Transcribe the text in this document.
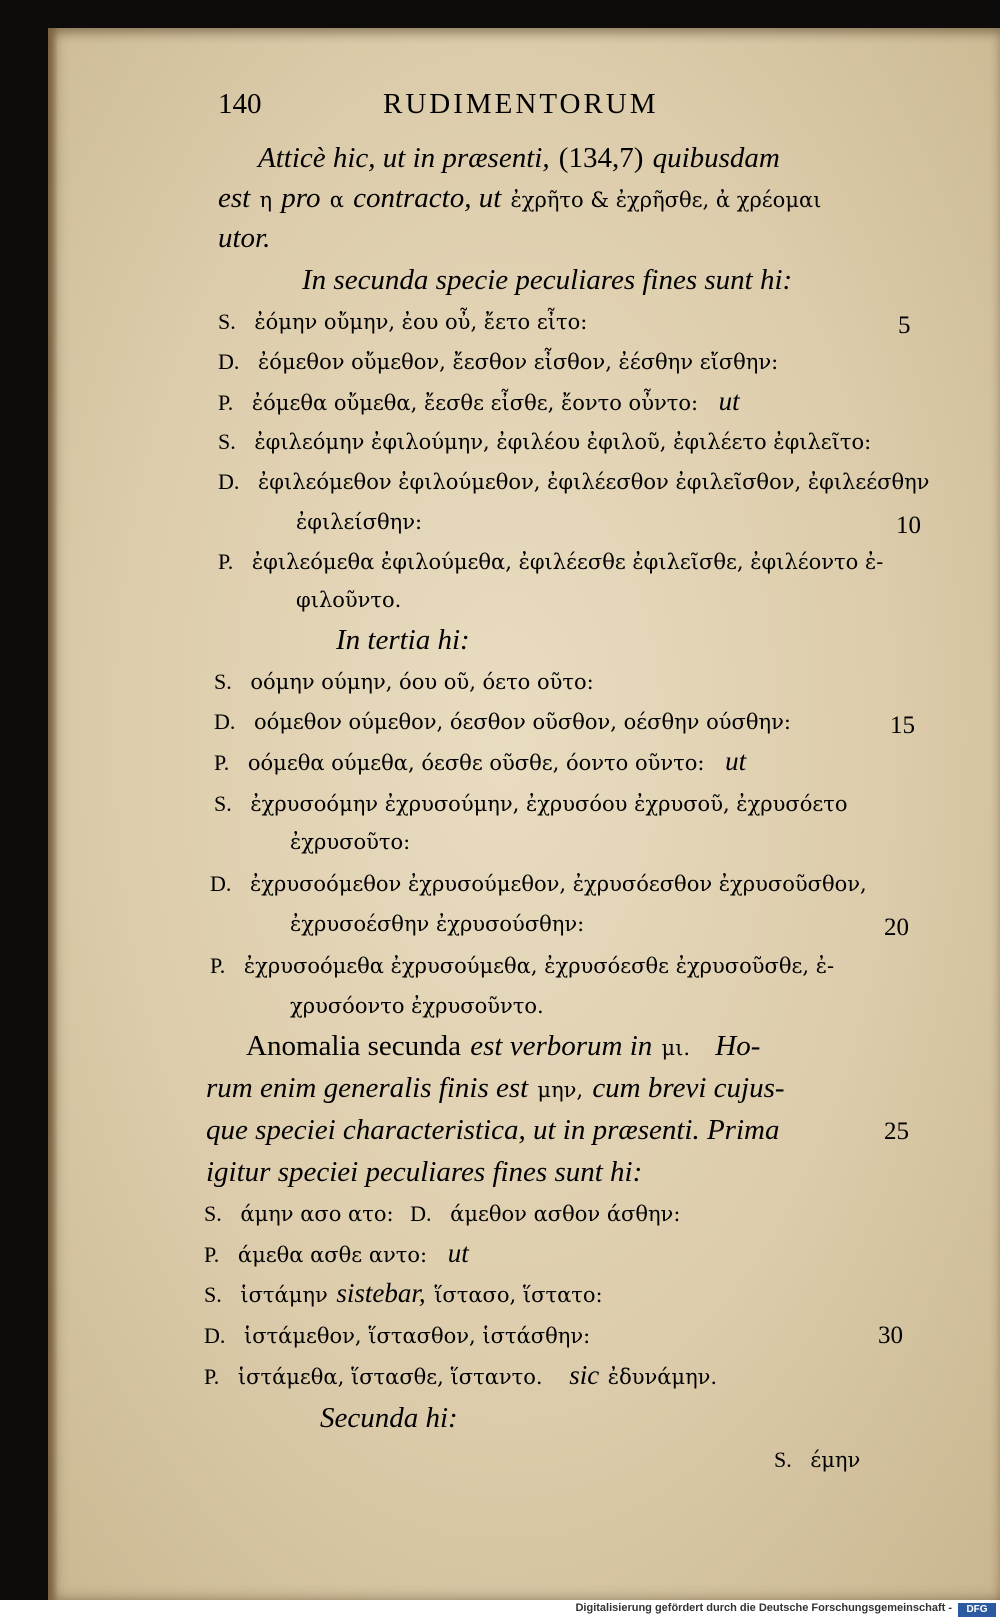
140	RUDIMENTORUM
Atticè hic, ut in præsenti, (134,7) quibusdam
est η pro α contracto, ut ἐχρῆτο & ἐχρῆσθε, ἀ χρέομαι
utor.
In secunda specie peculiares fines sunt hi:
S. ἐόμην οὔμην, ἐου οὖ, ἔετο εἶτο:
D. ἐόμεθον οὔμεθον, ἔεσθον εἶσθον, ἐέσθην εἴσθην:
P. ἐόμεθα οὔμεθα, ἔεσθε εἶσθε, ἔοντο οὖντο: ut
S. ἐφιλεόμην ἐφιλούμην, ἐφιλέου ἐφιλοῦ, ἐφιλέετο ἐφιλεῖτο:
D. ἐφιλεόμεθον ἐφιλούμεθον, ἐφιλέεσθον ἐφιλεῖσθον, ἐφιλεέσθην
ἐφιλείσθην:
P. ἐφιλεόμεθα ἐφιλούμεθα, ἐφιλέεσθε ἐφιλεῖσθε, ἐφιλέοντο ἐ-
φιλοῦντο.
In tertia hi:
S. οόμην ούμην, όου οῦ, όετο οῦτο:
D. οόμεθον ούμεθον, όεσθον οῦσθον, οέσθην ούσθην:
P. οόμεθα ούμεθα, όεσθε οῦσθε, όοντο οῦντο: ut
S. ἐχρυσοόμην ἐχρυσούμην, ἐχρυσόου ἐχρυσοῦ, ἐχρυσόετο
ἐχρυσοῦτο:
D. ἐχρυσοόμεθον ἐχρυσούμεθον, ἐχρυσόεσθον ἐχρυσοῦσθον,
ἐχρυσοέσθην ἐχρυσούσθην:
P. ἐχρυσοόμεθα ἐχρυσούμεθα, ἐχρυσόεσθε ἐχρυσοῦσθε, ἐ-
χρυσόοντο ἐχρυσοῦντο.
Anomalia secunda est verborum in μι. Ho-
rum enim generalis finis est μην, cum brevi cujus-
que speciei characteristica, ut in præsenti. Prima
igitur speciei peculiares fines sunt hi:
S. άμην ασο ατο: D. άμεθον ασθον άσθην:
P. άμεθα ασθε αντο: ut
S. ἱστάμην sistebar, ἵστασο, ἵστατο:
D. ἱστάμεθον, ἵστασθον, ἱστάσθην:
P. ἱστάμεθα, ἵστασθε, ἵσταντο. sic ἐδυνάμην.
Secunda hi:
S. έμην
5
10
15
20
25
30
Digitalisierung gefördert durch die Deutsche Forschungsgemeinschaft -	DFG
